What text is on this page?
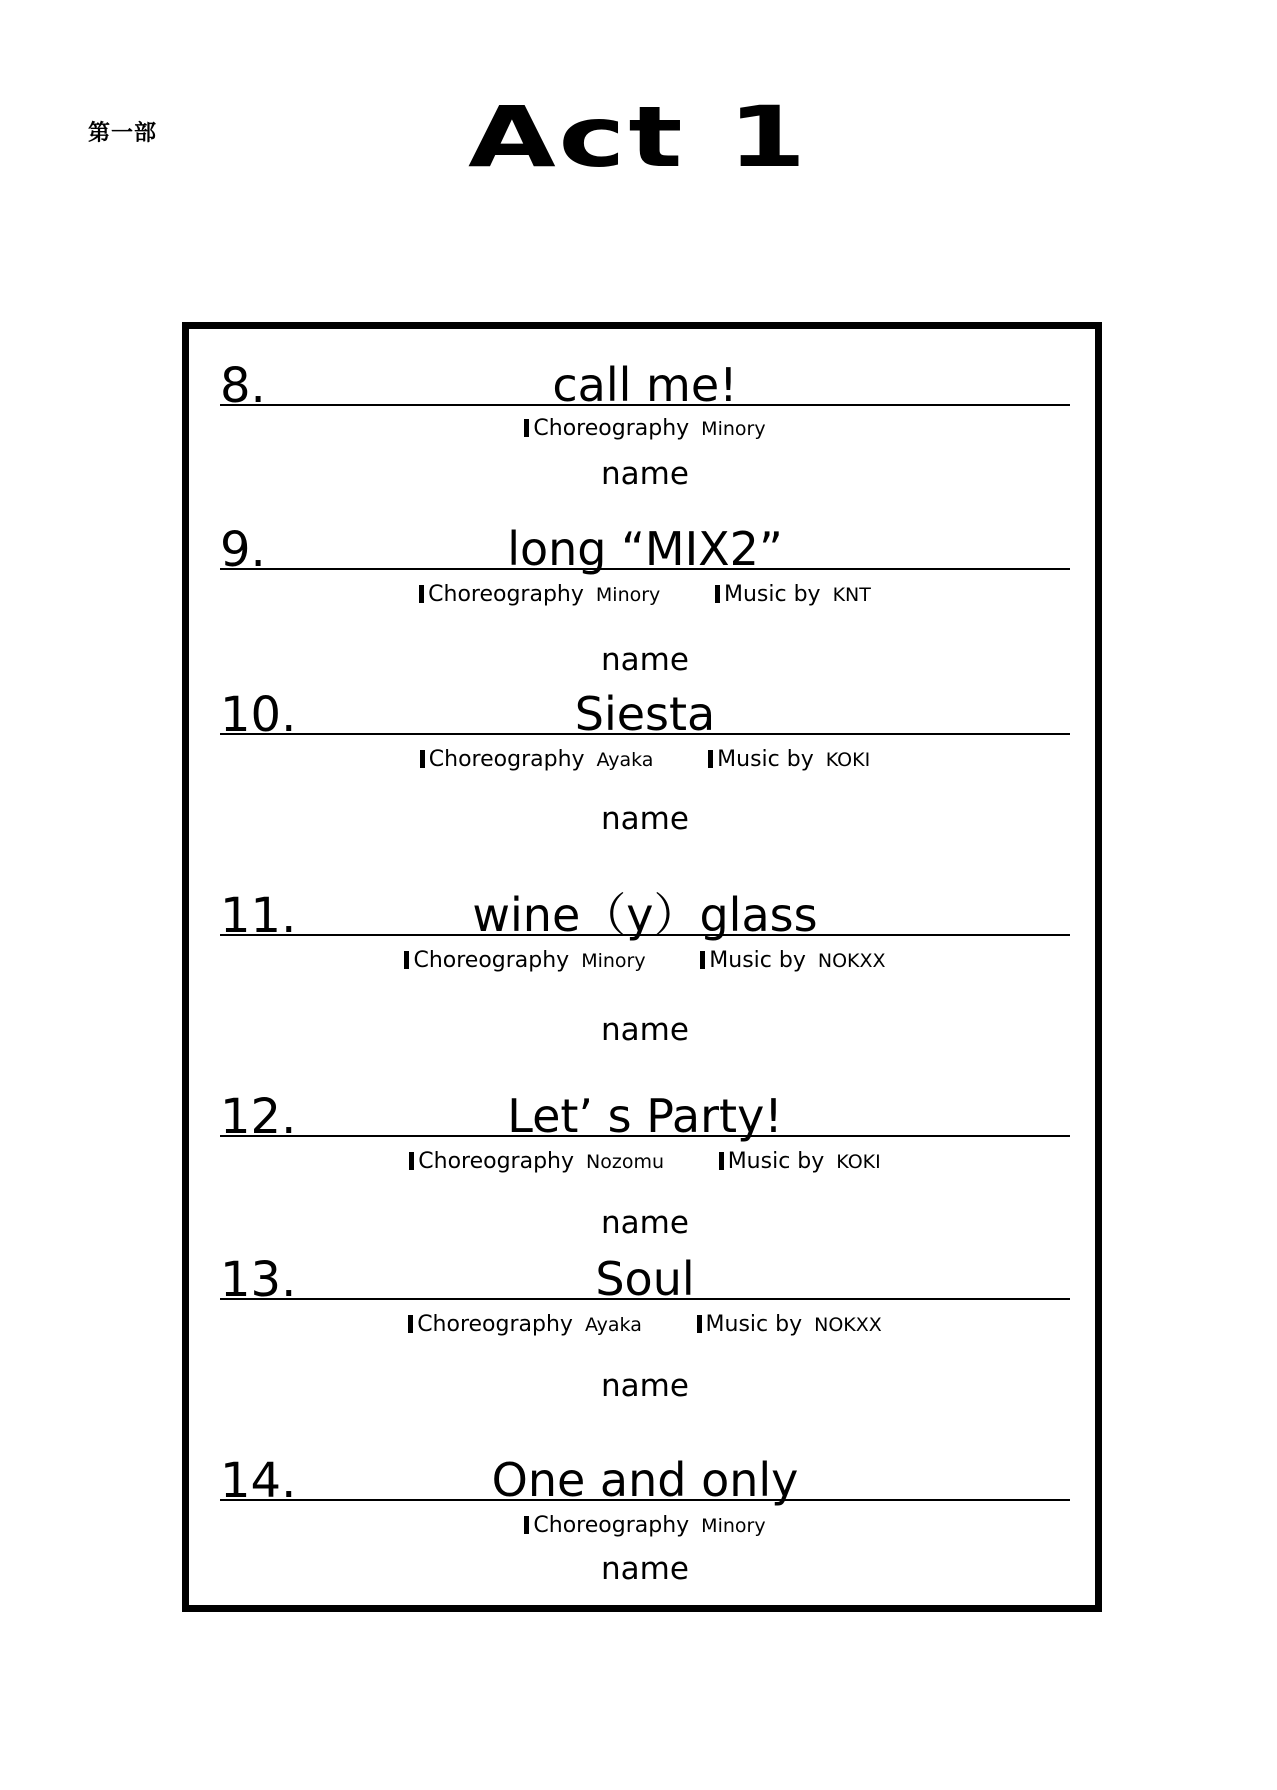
第一部	Act 1
8.	call me!
Choreography Minory
name
9.	long “MIX2”
Choreography Minory	Music by KNT
name
10.	Siesta
Choreography Ayaka	Music by KOKI
name
11.	wine（y）glass
Choreography Minory	Music by NOKXX
name
12.	Let’ s Party!
Choreography Nozomu	Music by KOKI
name
13.	Soul
Choreography Ayaka	Music by NOKXX
name
14.	One and only
Choreography Minory
name
